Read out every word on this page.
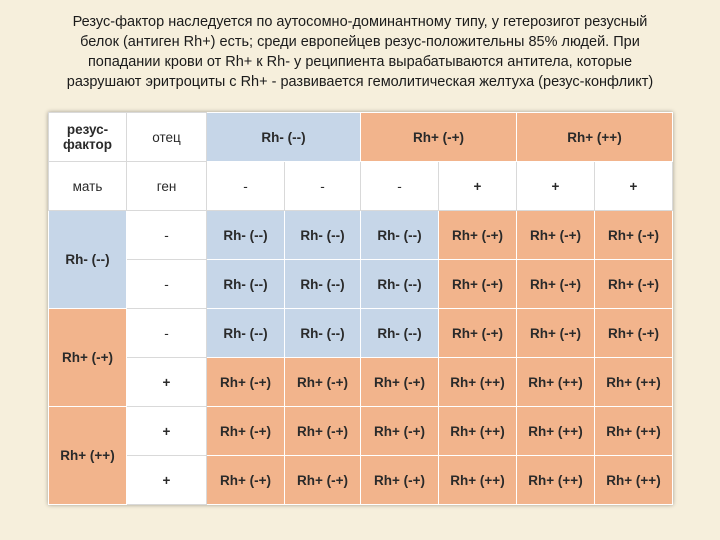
Резус-фактор наследуется по аутосомно-доминантному типу, у гетерозигот резусный
белок (антиген Rh+) есть; среди европейцев резус-положительны 85% людей. При
попадании крови от Rh+ к Rh- у реципиента вырабатываются антитела, которые
разрушают эритроциты с Rh+ - развивается гемолитическая желтуха (резус-конфликт)
резус-фактор	отец	Rh- (--)		Rh+ (-+)		Rh+ (++)	
мать	ген	-	-	-	+	+	+
Rh- (--)	-	Rh- (--)	Rh- (--)	Rh- (--)	Rh+ (-+)	Rh+ (-+)	Rh+ (-+)
	-	Rh- (--)	Rh- (--)	Rh- (--)	Rh+ (-+)	Rh+ (-+)	Rh+ (-+)
Rh+ (-+)	-	Rh- (--)	Rh- (--)	Rh- (--)	Rh+ (-+)	Rh+ (-+)	Rh+ (-+)
	+	Rh+ (-+)	Rh+ (-+)	Rh+ (-+)	Rh+ (++)	Rh+ (++)	Rh+ (++)
Rh+ (++)	+	Rh+ (-+)	Rh+ (-+)	Rh+ (-+)	Rh+ (++)	Rh+ (++)	Rh+ (++)
	+	Rh+ (-+)	Rh+ (-+)	Rh+ (-+)	Rh+ (++)	Rh+ (++)	Rh+ (++)
